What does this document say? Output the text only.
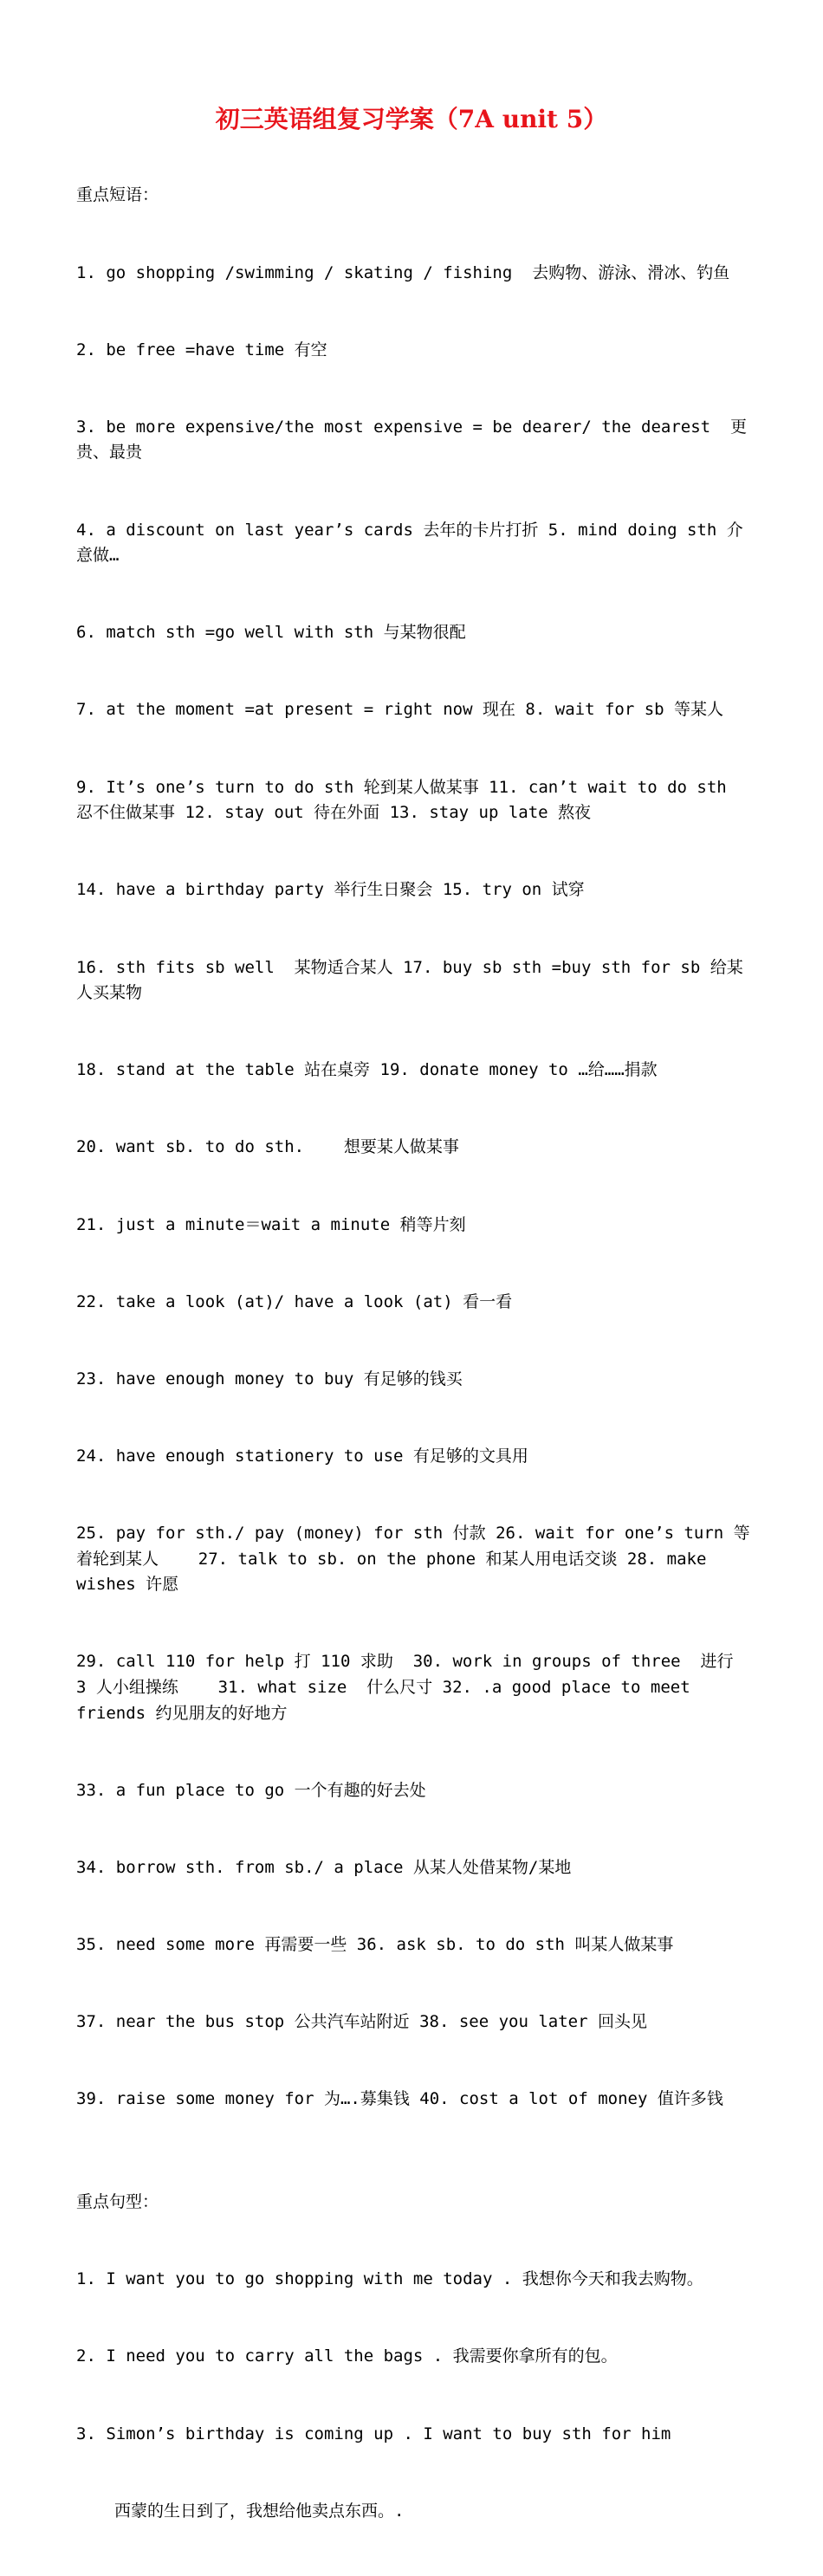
初三英语组复习学案（7A unit 5）

重点短语：

1. go shopping /swimming / skating / fishing  去购物、游泳、滑冰、钓鱼

2. be free =have time 有空

3. be more expensive/the most expensive = be dearer/ the dearest  更贵、最贵

4. a discount on last year’s cards 去年的卡片打折 5. mind doing sth 介意做…

6. match sth =go well with sth 与某物很配

7. at the moment =at present = right now 现在 8. wait for sb 等某人

9. It’s one’s turn to do sth 轮到某人做某事 11. can’t wait to do sth 忍不住做某事 12. stay out 待在外面 13. stay up late 熬夜

14. have a birthday party 举行生日聚会 15. try on 试穿

16. sth fits sb well  某物适合某人 17. buy sb sth =buy sth for sb 给某人买某物

18. stand at the table 站在桌旁 19. donate money to …给……捐款

20. want sb. to do sth.    想要某人做某事

21. just a minute＝wait a minute 稍等片刻

22. take a look (at)/ have a look (at) 看一看

23. have enough money to buy 有足够的钱买

24. have enough stationery to use 有足够的文具用

25. pay for sth./ pay (money) for sth 付款 26. wait for one’s turn 等着轮到某人    27. talk to sb. on the phone 和某人用电话交谈 28. make wishes 许愿

29. call 110 for help 打 110 求助  30. work in groups of three  进行 3 人小组操练    31. what size  什么尺寸 32. .a good place to meet friends 约见朋友的好地方

33. a fun place to go 一个有趣的好去处

34. borrow sth. from sb./ a place 从某人处借某物/某地

35. need some more 再需要一些 36. ask sb. to do sth 叫某人做某事

37. near the bus stop 公共汽车站附近 38. see you later 回头见

39. raise some money for 为….募集钱 40. cost a lot of money 值许多钱

重点句型：

1. I want you to go shopping with me today . 我想你今天和我去购物。

2. I need you to carry all the bags . 我需要你拿所有的包。

3. Simon’s birthday is coming up . I want to buy sth for him

西蒙的生日到了，我想给他卖点东西。.
